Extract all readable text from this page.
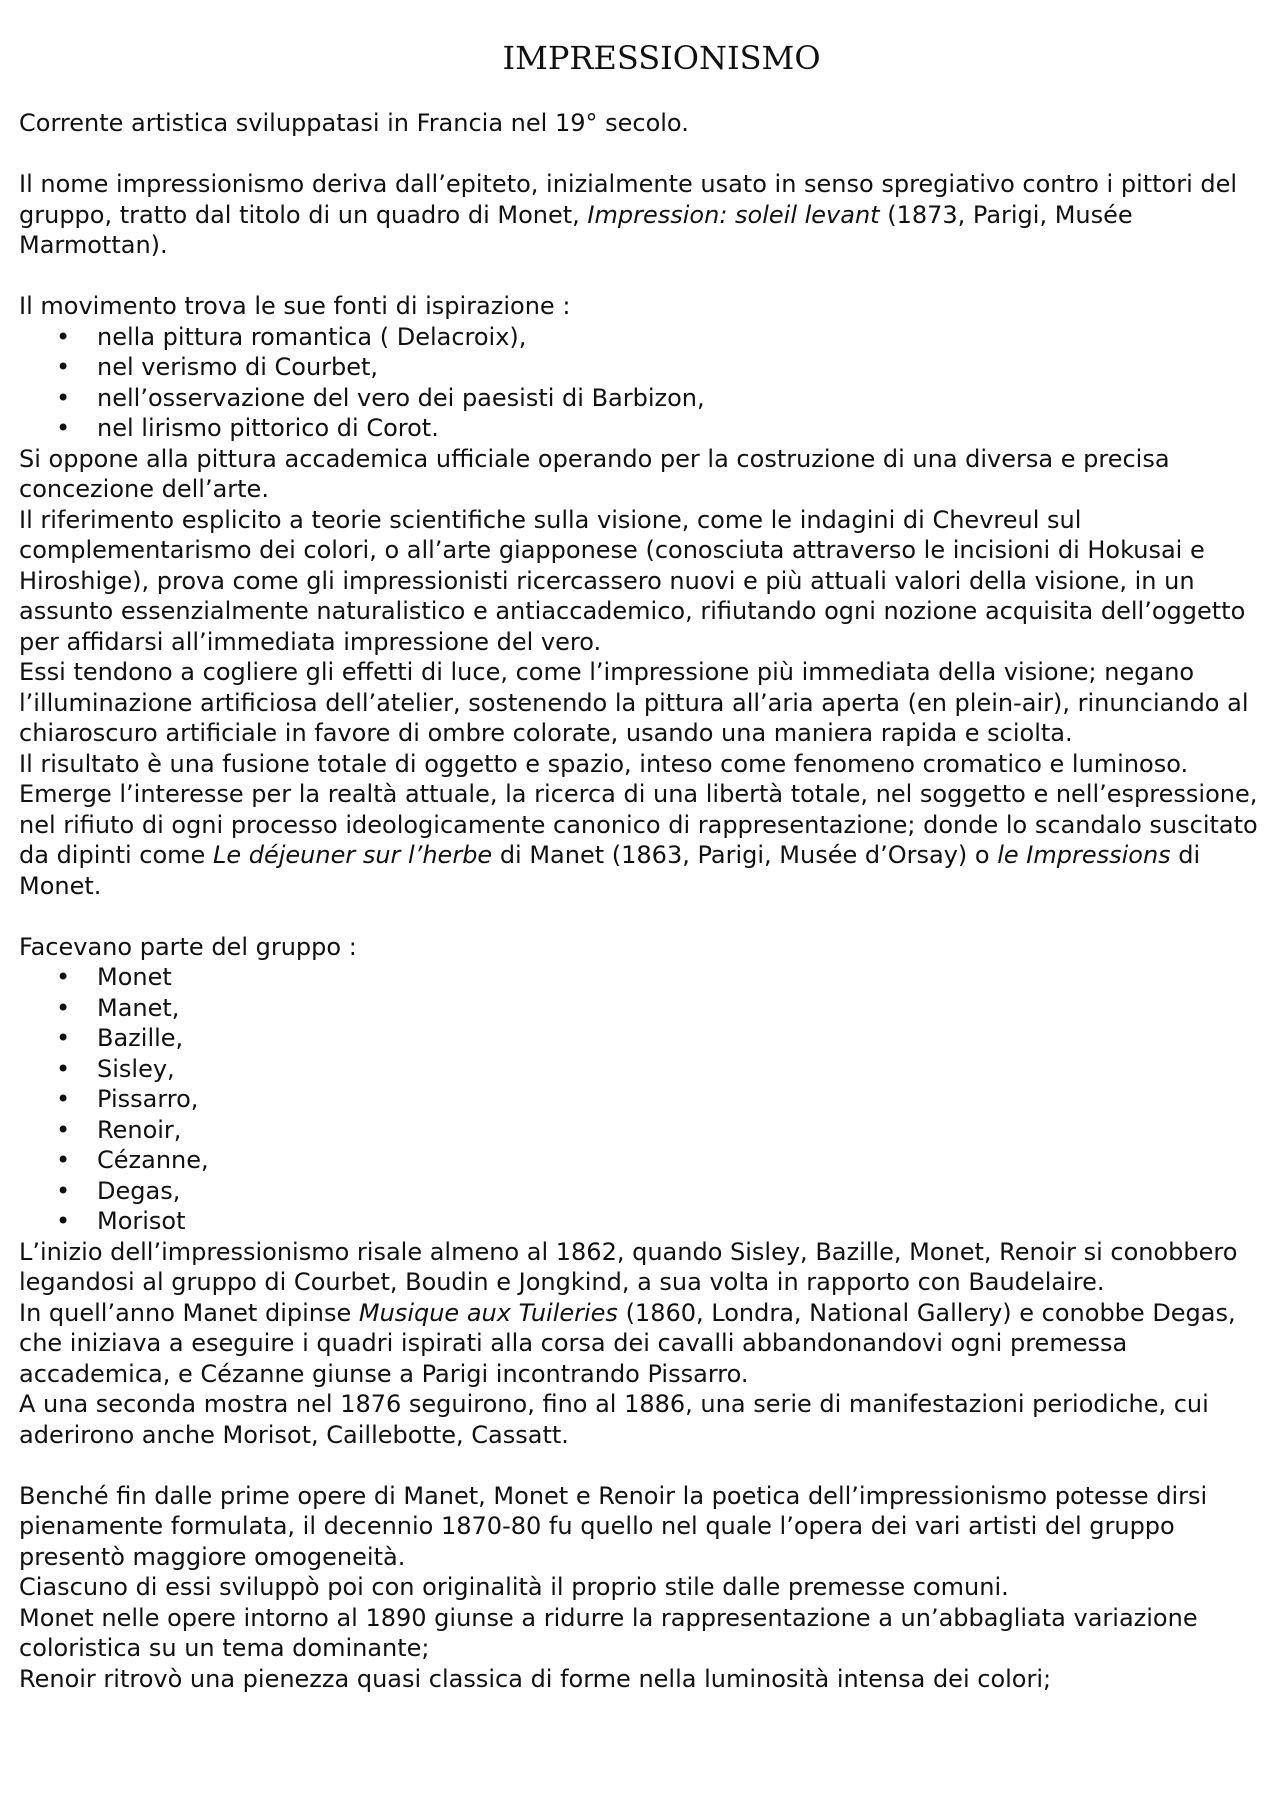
IMPRESSIONISMO

Corrente artistica sviluppatasi in Francia nel 19° secolo.

Il nome impressionismo deriva dall’epiteto, inizialmente usato in senso spregiativo contro i pittori del gruppo, tratto dal titolo di un quadro di Monet, Impression: soleil levant (1873, Parigi, Musée Marmottan).

Il movimento trova le sue fonti di ispirazione :

• nella pittura romantica ( Delacroix),
• nel verismo di Courbet,
• nell’osservazione del vero dei paesisti di Barbizon,
• nel lirismo pittorico di Corot.

Si oppone alla pittura accademica ufficiale operando per la costruzione di una diversa e precisa concezione dell’arte.

Il riferimento esplicito a teorie scientifiche sulla visione, come le indagini di Chevreul sul complementarismo dei colori, o all’arte giapponese (conosciuta attraverso le incisioni di Hokusai e Hiroshige), prova come gli impressionisti ricercassero nuovi e più attuali valori della visione, in un assunto essenzialmente naturalistico e antiaccademico, rifiutando ogni nozione acquisita dell’oggetto per affidarsi all’immediata impressione del vero.

Essi tendono a cogliere gli effetti di luce, come l’impressione più immediata della visione; negano l’illuminazione artificiosa dell’atelier, sostenendo la pittura all’aria aperta (en plein-air), rinunciando al chiaroscuro artificiale in favore di ombre colorate, usando una maniera rapida e sciolta.

Il risultato è una fusione totale di oggetto e spazio, inteso come fenomeno cromatico e luminoso.

Emerge l’interesse per la realtà attuale, la ricerca di una libertà totale, nel soggetto e nell’espressione, nel rifiuto di ogni processo ideologicamente canonico di rappresentazione; donde lo scandalo suscitato da dipinti come Le déjeuner sur l’herbe di Manet (1863, Parigi, Musée d’Orsay) o le Impressions di Monet.

Facevano parte del gruppo :

• Monet
• Manet,
• Bazille,
• Sisley,
• Pissarro,
• Renoir,
• Cézanne,
• Degas,
• Morisot

L’inizio dell’impressionismo risale almeno al 1862, quando Sisley, Bazille, Monet, Renoir si conobbero legandosi al gruppo di Courbet, Boudin e Jongkind, a sua volta in rapporto con Baudelaire.

In quell’anno Manet dipinse Musique aux Tuileries (1860, Londra, National Gallery) e conobbe Degas, che iniziava a eseguire i quadri ispirati alla corsa dei cavalli abbandonandovi ogni premessa accademica, e Cézanne giunse a Parigi incontrando Pissarro.

A una seconda mostra nel 1876 seguirono, fino al 1886, una serie di manifestazioni periodiche, cui aderirono anche Morisot, Caillebotte, Cassatt.

Benché fin dalle prime opere di Manet, Monet e Renoir la poetica dell’impressionismo potesse dirsi pienamente formulata, il decennio 1870-80 fu quello nel quale l’opera dei vari artisti del gruppo presentò maggiore omogeneità.

Ciascuno di essi sviluppò poi con originalità il proprio stile dalle premesse comuni.

Monet nelle opere intorno al 1890 giunse a ridurre la rappresentazione a un’abbagliata variazione coloristica su un tema dominante;

Renoir ritrovò una pienezza quasi classica di forme nella luminosità intensa dei colori;
